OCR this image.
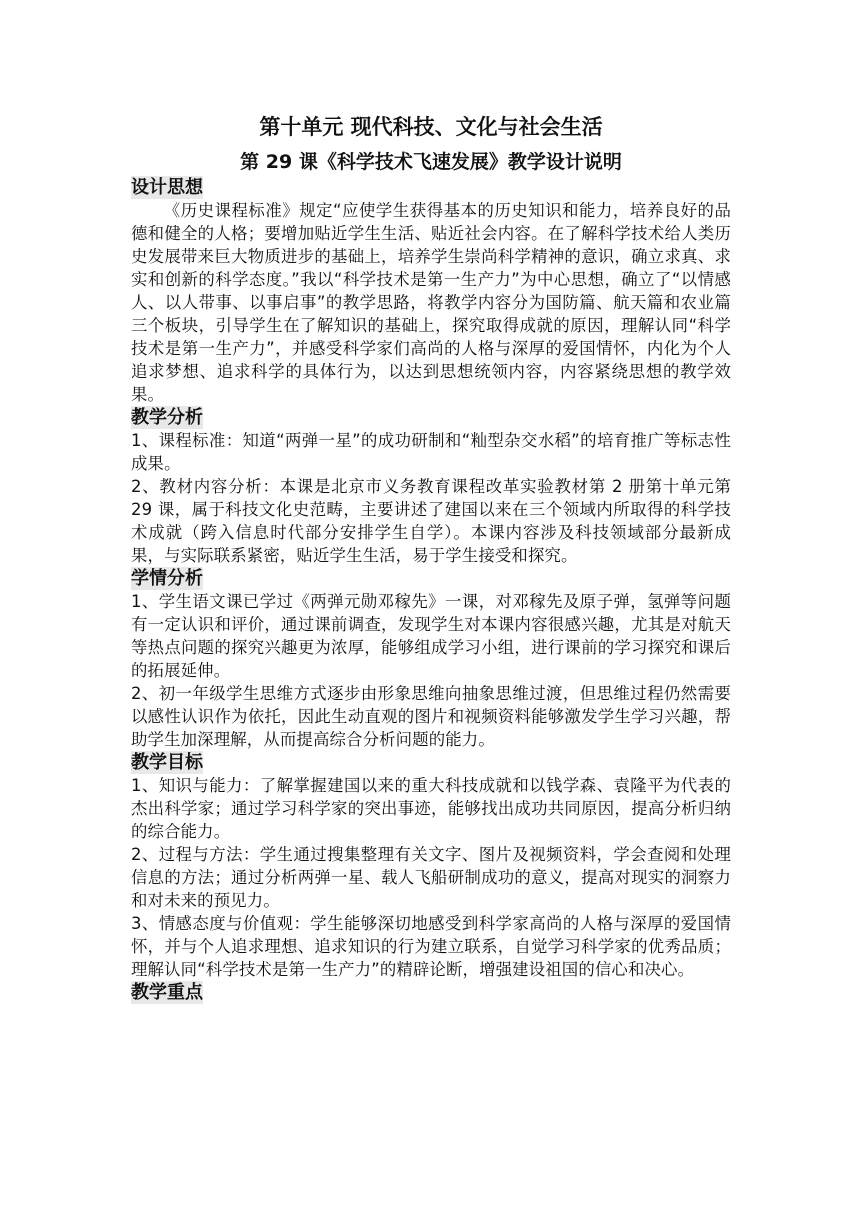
第十单元 现代科技、文化与社会生活
第 29 课《科学技术飞速发展》教学设计说明
设计思想

《历史课程标准》规定“应使学生获得基本的历史知识和能力，培养良好的品德和健全的人格；要增加贴近学生生活、贴近社会内容。在了解科学技术给人类历史发展带来巨大物质进步的基础上，培养学生崇尚科学精神的意识，确立求真、求实和创新的科学态度。”我以“科学技术是第一生产力”为中心思想，确立了“以情感人、以人带事、以事启事”的教学思路，将教学内容分为国防篇、航天篇和农业篇三个板块，引导学生在了解知识的基础上，探究取得成就的原因，理解认同“科学技术是第一生产力”，并感受科学家们高尚的人格与深厚的爱国情怀，内化为个人追求梦想、追求科学的具体行为，以达到思想统领内容，内容紧绕思想的教学效果。

教学分析

1、课程标准：知道“两弹一星”的成功研制和“籼型杂交水稻”的培育推广等标志性成果。

2、教材内容分析：本课是北京市义务教育课程改革实验教材第 2 册第十单元第 29 课，属于科技文化史范畴，主要讲述了建国以来在三个领域内所取得的科学技术成就（跨入信息时代部分安排学生自学）。本课内容涉及科技领域部分最新成果，与实际联系紧密，贴近学生生活，易于学生接受和探究。

学情分析

1、学生语文课已学过《两弹元勋邓稼先》一课，对邓稼先及原子弹，氢弹等问题有一定认识和评价，通过课前调查，发现学生对本课内容很感兴趣，尤其是对航天等热点问题的探究兴趣更为浓厚，能够组成学习小组，进行课前的学习探究和课后的拓展延伸。

2、初一年级学生思维方式逐步由形象思维向抽象思维过渡，但思维过程仍然需要以感性认识作为依托，因此生动直观的图片和视频资料能够激发学生学习兴趣，帮助学生加深理解，从而提高综合分析问题的能力。

教学目标

1、知识与能力：了解掌握建国以来的重大科技成就和以钱学森、袁隆平为代表的杰出科学家；通过学习科学家的突出事迹，能够找出成功共同原因，提高分析归纳的综合能力。

2、过程与方法：学生通过搜集整理有关文字、图片及视频资料，学会查阅和处理信息的方法；通过分析两弹一星、载人飞船研制成功的意义，提高对现实的洞察力和对未来的预见力。

3、情感态度与价值观：学生能够深切地感受到科学家高尚的人格与深厚的爱国情怀，并与个人追求理想、追求知识的行为建立联系，自觉学习科学家的优秀品质；理解认同“科学技术是第一生产力”的精辟论断，增强建设祖国的信心和决心。

教学重点
